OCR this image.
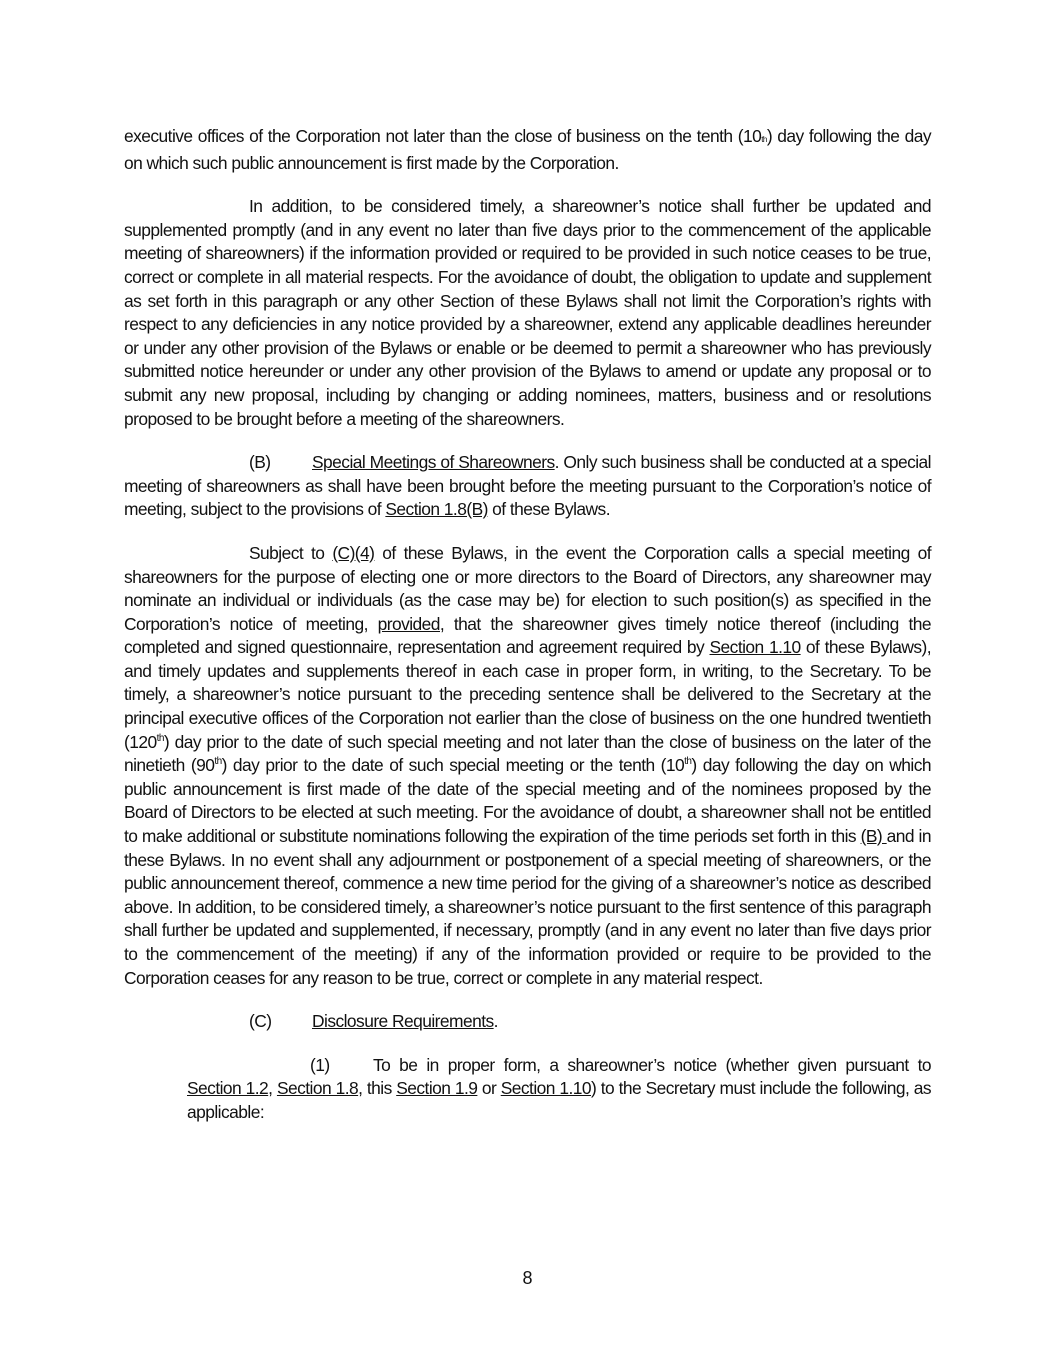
executive offices of the Corporation not later than the close of business on the tenth (10th) day following the day on which such public announcement is first made by the Corporation.

In addition, to be considered timely, a shareowner’s notice shall further be updated and supplemented promptly (and in any event no later than five days prior to the commencement of the applicable meeting of shareowners) if the information provided or required to be provided in such notice ceases to be true, correct or complete in all material respects. For the avoidance of doubt, the obligation to update and supplement as set forth in this paragraph or any other Section of these Bylaws shall not limit the Corporation’s rights with respect to any deficiencies in any notice provided by a shareowner, extend any applicable deadlines hereunder or under any other provision of the Bylaws or enable or be deemed to permit a shareowner who has previously submitted notice hereunder or under any other provision of the Bylaws to amend or update any proposal or to submit any new proposal, including by changing or adding nominees, matters, business and or resolutions proposed to be brought before a meeting of the shareowners.

(B) Special Meetings of Shareowners. Only such business shall be conducted at a special meeting of shareowners as shall have been brought before the meeting pursuant to the Corporation’s notice of meeting, subject to the provisions of Section 1.8(B) of these Bylaws.

Subject to (C)(4) of these Bylaws, in the event the Corporation calls a special meeting of shareowners for the purpose of electing one or more directors to the Board of Directors, any shareowner may nominate an individual or individuals (as the case may be) for election to such position(s) as specified in the Corporation’s notice of meeting, provided, that the shareowner gives timely notice thereof (including the completed and signed questionnaire, representation and agreement required by Section 1.10 of these Bylaws), and timely updates and supplements thereof in each case in proper form, in writing, to the Secretary. To be timely, a shareowner’s notice pursuant to the preceding sentence shall be delivered to the Secretary at the principal executive offices of the Corporation not earlier than the close of business on the one hundred twentieth (120th) day prior to the date of such special meeting and not later than the close of business on the later of the ninetieth (90th) day prior to the date of such special meeting or the tenth (10th) day following the day on which public announcement is first made of the date of the special meeting and of the nominees proposed by the Board of Directors to be elected at such meeting. For the avoidance of doubt, a shareowner shall not be entitled to make additional or substitute nominations following the expiration of the time periods set forth in this (B) and in these Bylaws. In no event shall any adjournment or postponement of a special meeting of shareowners, or the public announcement thereof, commence a new time period for the giving of a shareowner’s notice as described above. In addition, to be considered timely, a shareowner’s notice pursuant to the first sentence of this paragraph shall further be updated and supplemented, if necessary, promptly (and in any event no later than five days prior to the commencement of the meeting) if any of the information provided or require to be provided to the Corporation ceases for any reason to be true, correct or complete in any material respect.

(C) Disclosure Requirements.

(1) To be in proper form, a shareowner’s notice (whether given pursuant to Section 1.2, Section 1.8, this Section 1.9 or Section 1.10) to the Secretary must include the following, as applicable:

8
